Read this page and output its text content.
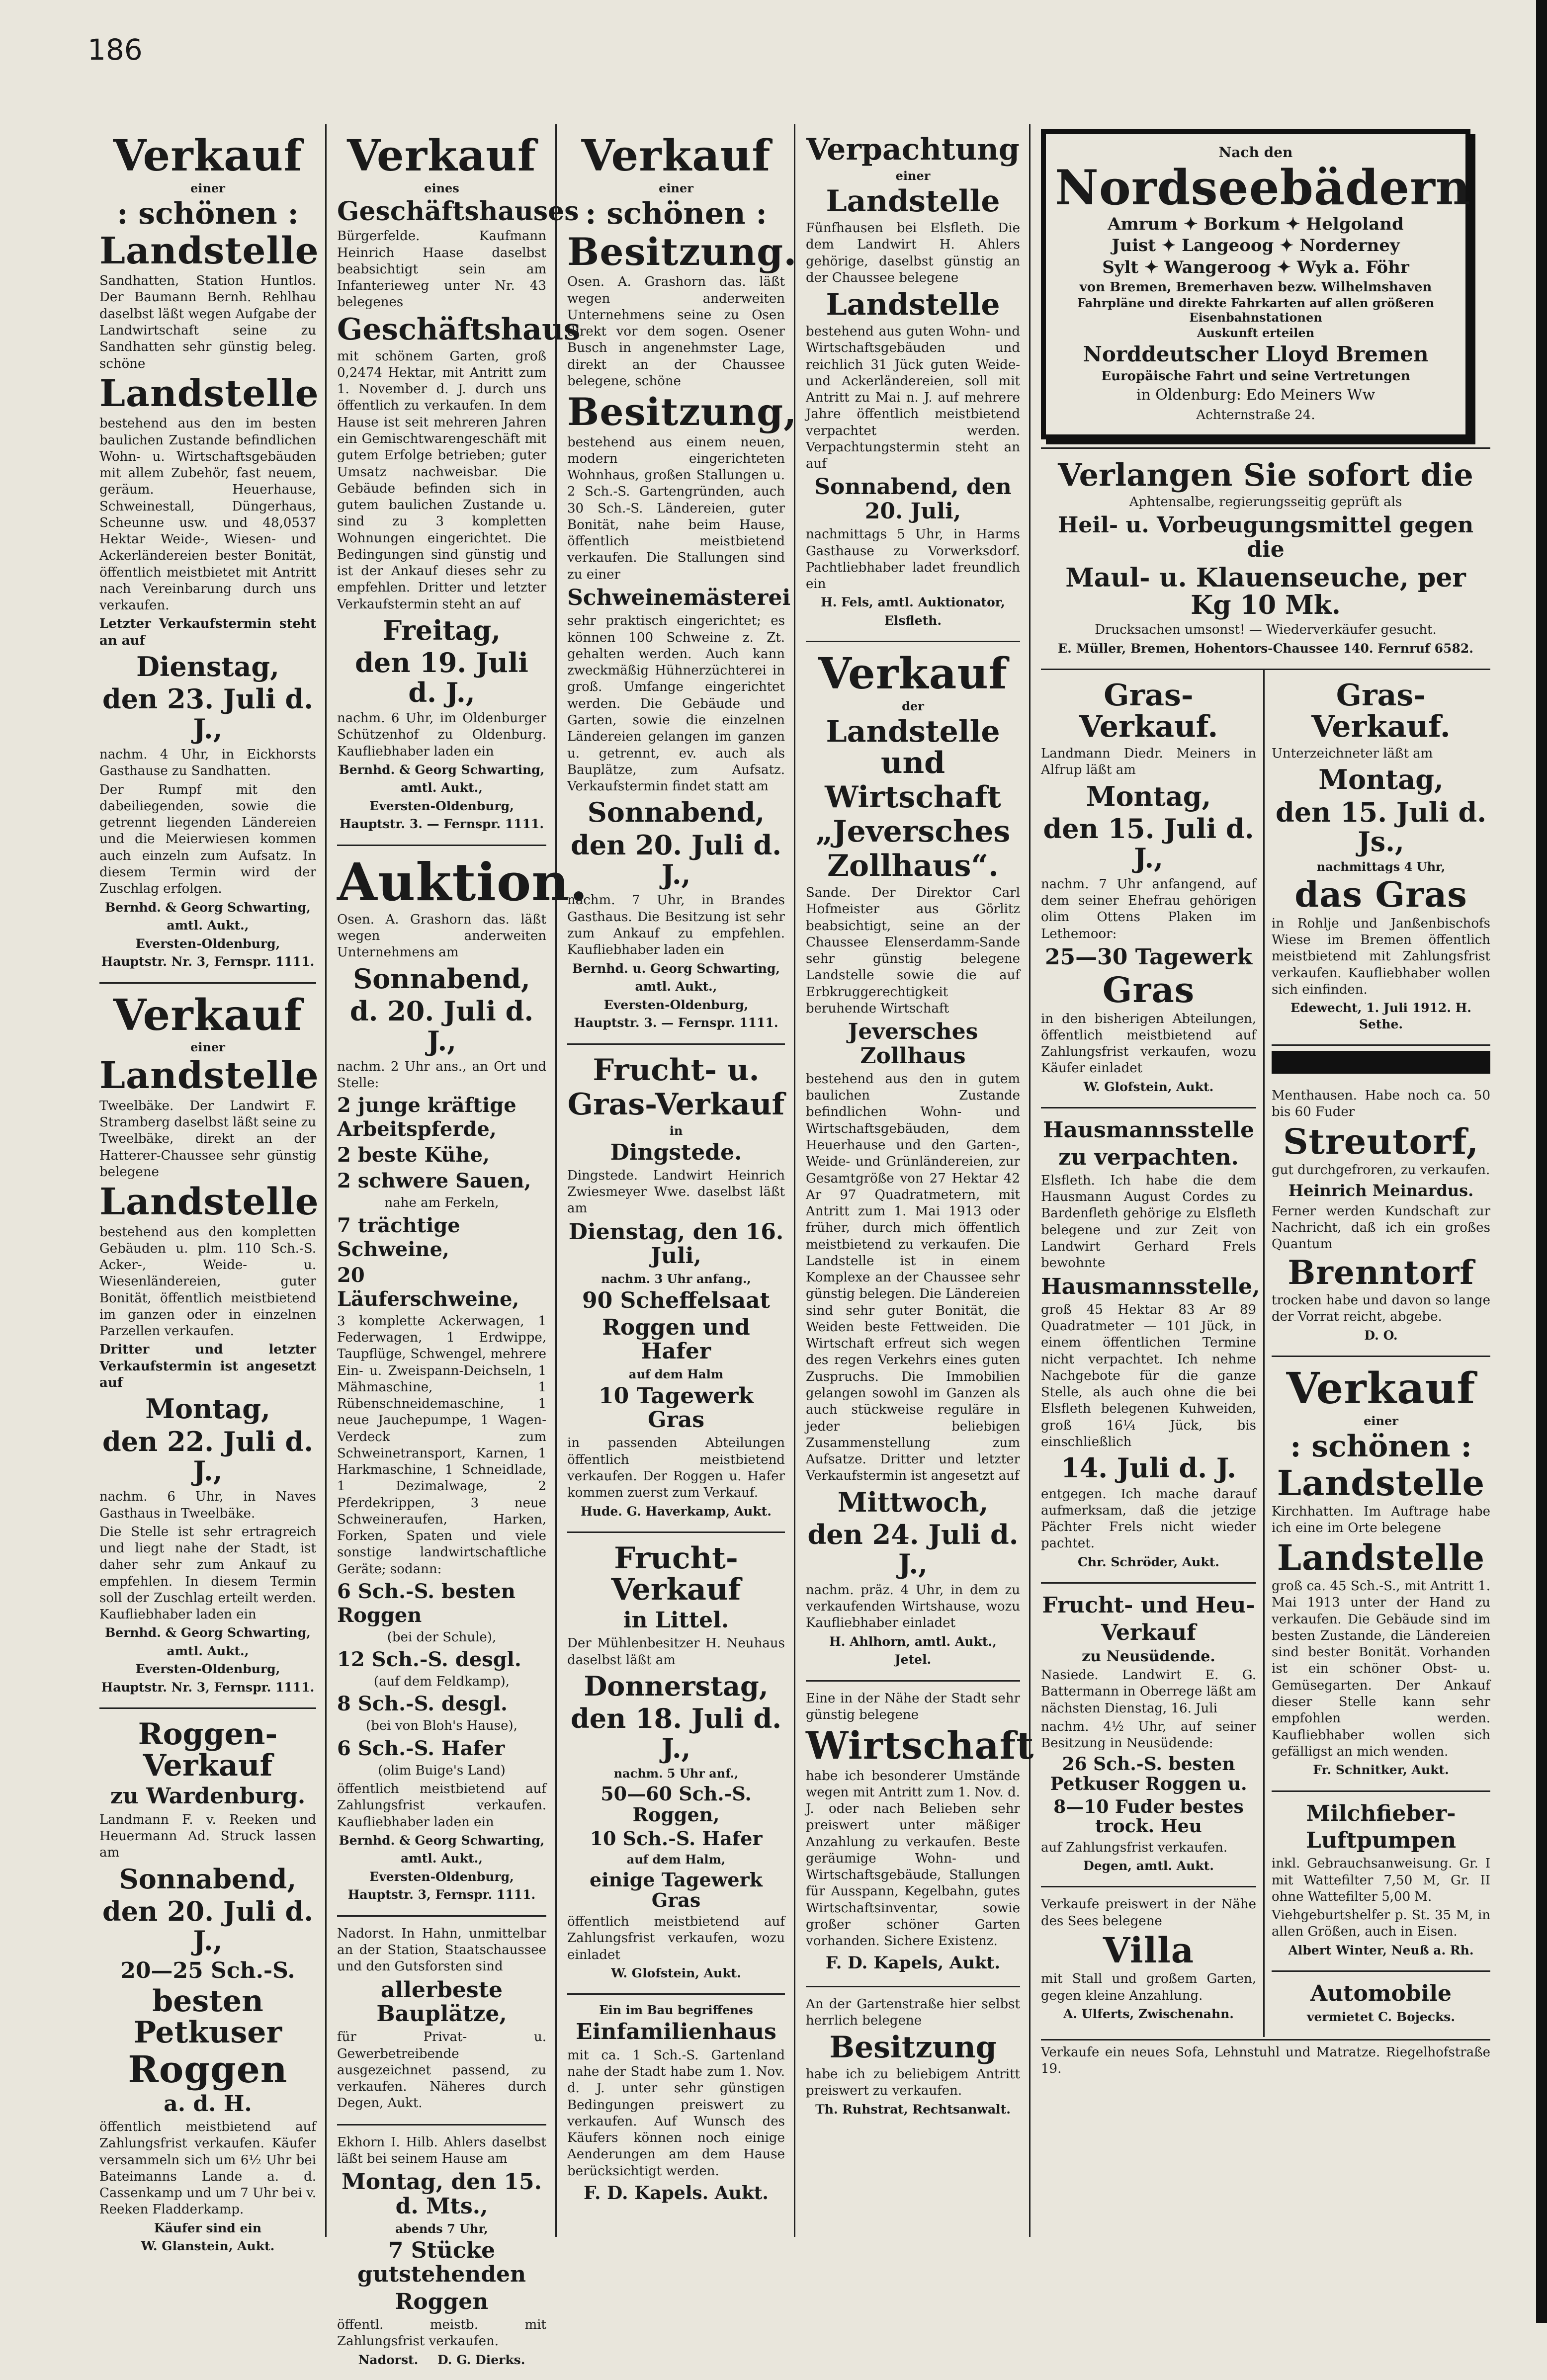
186
Verkauf
einer
: schönen :
Landstelle
Sandhatten, Station Huntlos. Der Baumann Bernh. Rehlhau daselbst läßt wegen Aufgabe der Landwirtschaft seine zu Sandhatten sehr günstig beleg. schöne
Landstelle
bestehend aus den im besten baulichen Zustande befindlichen Wohn- u. Wirtschaftsgebäuden mit allem Zubehör, fast neuem, geräum. Heuerhause, Schweinestall, Düngerhaus, Scheunne usw. und 48,0537 Hektar Weide-, Wiesen- und Ackerländereien bester Bonität, öffentlich meistbietet mit Antritt nach Vereinbarung durch uns verkaufen.
Letzter Verkaufstermin steht an auf
Dienstag,
den 23. Juli d. J.,
nachm. 4 Uhr, in Eickhorsts Gasthause zu Sandhatten.
Der Rumpf mit den dabeiliegenden, sowie die getrennt liegenden Ländereien und die Meierwiesen kommen auch einzeln zum Aufsatz. In diesem Termin wird der Zuschlag erfolgen.
Bernhd. & Georg Schwarting,
amtl. Aukt.,
Eversten-Oldenburg,
Hauptstr. Nr. 3, Fernspr. 1111.
Verkauf
einer
Landstelle
Tweelbäke. Der Landwirt F. Stramberg daselbst läßt seine zu Tweelbäke, direkt an der Hatterer-Chaussee sehr günstig belegene
Landstelle
bestehend aus den kompletten Gebäuden u. plm. 110 Sch.-S. Acker-, Weide- u. Wiesenländereien, guter Bonität, öffentlich meistbietend im ganzen oder in einzelnen Parzellen verkaufen.
Dritter und letzter Verkaufstermin ist angesetzt auf
Montag,
den 22. Juli d. J.,
nachm. 6 Uhr, in Naves Gasthaus in Tweelbäke.
Die Stelle ist sehr ertragreich und liegt nahe der Stadt, ist daher sehr zum Ankauf zu empfehlen. In diesem Termin soll der Zuschlag erteilt werden. Kaufliebhaber laden ein
Bernhd. & Georg Schwarting,
amtl. Aukt.,
Eversten-Oldenburg,
Hauptstr. Nr. 3, Fernspr. 1111.
Roggen-Verkauf
zu Wardenburg.
Landmann F. v. Reeken und Heuermann Ad. Struck lassen am
Sonnabend,
den 20. Juli d. J.,
20—25 Sch.-S.
besten Petkuser
Roggen
a. d. H.
öffentlich meistbietend auf Zahlungsfrist verkaufen. Käufer versammeln sich um 6½ Uhr bei Bateimanns Lande a. d. Cassenkamp und um 7 Uhr bei v. Reeken Fladderkamp.
Käufer sind ein
W. Glanstein, Aukt.
Verkauf
eines
Geschäftshauses
Bürgerfelde. Kaufmann Heinrich Haase daselbst beabsichtigt sein am Infanterieweg unter Nr. 43 belegenes
Geschäftshaus
mit schönem Garten, groß 0,2474 Hektar, mit Antritt zum 1. November d. J. durch uns öffentlich zu verkaufen. In dem Hause ist seit mehreren Jahren ein Gemischtwarengeschäft mit gutem Erfolge betrieben; guter Umsatz nachweisbar. Die Gebäude befinden sich in gutem baulichen Zustande u. sind zu 3 kompletten Wohnungen eingerichtet. Die Bedingungen sind günstig und ist der Ankauf dieses sehr zu empfehlen. Dritter und letzter Verkaufstermin steht an auf
Freitag,
den 19. Juli d. J.,
nachm. 6 Uhr, im Oldenburger Schützenhof zu Oldenburg. Kaufliebhaber laden ein
Bernhd. & Georg Schwarting,
amtl. Aukt.,
Eversten-Oldenburg,
Hauptstr. 3. — Fernspr. 1111.
Auktion.
Osen. A. Grashorn das. läßt wegen anderweiten Unternehmens am
Sonnabend,
d. 20. Juli d. J.,
nachm. 2 Uhr ans., an Ort und Stelle:
2 junge kräftige Arbeitspferde,
2 beste Kühe,
2 schwere Sauen,
nahe am Ferkeln,
7 trächtige Schweine,
20 Läuferschweine,
3 komplette Ackerwagen, 1 Federwagen, 1 Erdwippe, Taupflüge, Schwengel, mehrere Ein- u. Zweispann-Deichseln, 1 Mähmaschine, 1 Rübenschneidemaschine, 1 neue Jauchepumpe, 1 Wagen-Verdeck zum Schweinetransport, Karnen, 1 Harkmaschine, 1 Schneidlade, 1 Dezimalwage, 2 Pferdekrippen, 3 neue Schweineraufen, Harken, Forken, Spaten und viele sonstige landwirtschaftliche Geräte; sodann:
6 Sch.-S. besten Roggen
(bei der Schule),
12 Sch.-S. desgl.
(auf dem Feldkamp),
8 Sch.-S. desgl.
(bei von Bloh's Hause),
6 Sch.-S. Hafer
(olim Buige's Land)
öffentlich meistbietend auf Zahlungsfrist verkaufen. Kaufliebhaber laden ein
Bernhd. & Georg Schwarting,
amtl. Aukt.,
Eversten-Oldenburg,
Hauptstr. 3, Fernspr. 1111.
Nadorst. In Hahn, unmittelbar an der Station, Staatschaussee und den Gutsforsten sind
allerbeste Bauplätze,
für Privat- u. Gewerbetreibende ausgezeichnet passend, zu verkaufen. Näheres durch Degen, Aukt.
Ekhorn I. Hilb. Ahlers daselbst läßt bei seinem Hause am
Montag, den 15. d. Mts.,
abends 7 Uhr,
7 Stücke gutstehenden
Roggen
öffentl. meistb. mit Zahlungsfrist verkaufen.
Nadorst. D. G. Dierks.
Verkauf
einer
: schönen :
Besitzung.
Osen. A. Grashorn das. läßt wegen anderweiten Unternehmens seine zu Osen direkt vor dem sogen. Osener Busch in angenehmster Lage, direkt an der Chaussee belegene, schöne
Besitzung,
bestehend aus einem neuen, modern eingerichteten Wohnhaus, großen Stallungen u. 2 Sch.-S. Gartengründen, auch 30 Sch.-S. Ländereien, guter Bonität, nahe beim Hause, öffentlich meistbietend verkaufen. Die Stallungen sind zu einer
Schweinemästerei
sehr praktisch eingerichtet; es können 100 Schweine z. Zt. gehalten werden. Auch kann zweckmäßig Hühnerzüchterei in groß. Umfange eingerichtet werden. Die Gebäude und Garten, sowie die einzelnen Ländereien gelangen im ganzen u. getrennt, ev. auch als Bauplätze, zum Aufsatz. Verkaufstermin findet statt am
Sonnabend,
den 20. Juli d. J.,
nachm. 7 Uhr, in Brandes Gasthaus. Die Besitzung ist sehr zum Ankauf zu empfehlen. Kaufliebhaber laden ein
Bernhd. u. Georg Schwarting,
amtl. Aukt.,
Eversten-Oldenburg,
Hauptstr. 3. — Fernspr. 1111.
Frucht- u.
Gras-Verkauf
in
Dingstede.
Dingstede. Landwirt Heinrich Zwiesmeyer Wwe. daselbst läßt am
Dienstag, den 16. Juli,
nachm. 3 Uhr anfang.,
90 Scheffelsaat
Roggen und Hafer
auf dem Halm
10 Tagewerk Gras
in passenden Abteilungen öffentlich meistbietend verkaufen. Der Roggen u. Hafer kommen zuerst zum Verkauf.
Hude. G. Haverkamp, Aukt.
Frucht-Verkauf
in Littel.
Der Mühlenbesitzer H. Neuhaus daselbst läßt am
Donnerstag,
den 18. Juli d. J.,
nachm. 5 Uhr anf.,
50—60 Sch.-S. Roggen,
10 Sch.-S. Hafer
auf dem Halm,
einige Tagewerk Gras
öffentlich meistbietend auf Zahlungsfrist verkaufen, wozu einladet
W. Glofstein, Aukt.
Ein im Bau begriffenes
Einfamilienhaus
mit ca. 1 Sch.-S. Gartenland nahe der Stadt habe zum 1. Nov. d. J. unter sehr günstigen Bedingungen preiswert zu verkaufen. Auf Wunsch des Käufers können noch einige Aenderungen am dem Hause berücksichtigt werden.
F. D. Kapels. Aukt.
Verpachtung
einer
Landstelle
Fünfhausen bei Elsfleth. Die dem Landwirt H. Ahlers gehörige, daselbst günstig an der Chaussee belegene
Landstelle
bestehend aus guten Wohn- und Wirtschaftsgebäuden und reichlich 31 Jück guten Weide- und Ackerländereien, soll mit Antritt zu Mai n. J. auf mehrere Jahre öffentlich meistbietend verpachtet werden. Verpachtungstermin steht an auf
Sonnabend, den 20. Juli,
nachmittags 5 Uhr, in Harms Gasthause zu Vorwerksdorf. Pachtliebhaber ladet freundlich ein
H. Fels, amtl. Auktionator,
Elsfleth.
Verkauf
der
Landstelle und
Wirtschaft
„Jeversches
Zollhaus“.
Sande. Der Direktor Carl Hofmeister aus Görlitz beabsichtigt, seine an der Chaussee Elenserdamm-Sande sehr günstig belegene Landstelle sowie die auf Erbkruggerechtigkeit beruhende Wirtschaft
Jeversches Zollhaus
bestehend aus den in gutem baulichen Zustande befindlichen Wohn- und Wirtschaftsgebäuden, dem Heuerhause und den Garten-, Weide- und Grünländereien, zur Gesamtgröße von 27 Hektar 42 Ar 97 Quadratmetern, mit Antritt zum 1. Mai 1913 oder früher, durch mich öffentlich meistbietend zu verkaufen. Die Landstelle ist in einem Komplexe an der Chaussee sehr günstig belegen. Die Ländereien sind sehr guter Bonität, die Weiden beste Fettweiden. Die Wirtschaft erfreut sich wegen des regen Verkehrs eines guten Zuspruchs. Die Immobilien gelangen sowohl im Ganzen als auch stückweise reguläre in jeder beliebigen Zusammenstellung zum Aufsatze. Dritter und letzter Verkaufstermin ist angesetzt auf
Mittwoch,
den 24. Juli d. J.,
nachm. präz. 4 Uhr, in dem zu verkaufenden Wirtshause, wozu Kaufliebhaber einladet
H. Ahlhorn, amtl. Aukt.,
Jetel.
Eine in der Nähe der Stadt sehr günstig belegene
Wirtschaft
habe ich besonderer Umstände wegen mit Antritt zum 1. Nov. d. J. oder nach Belieben sehr preiswert unter mäßiger Anzahlung zu verkaufen. Beste geräumige Wohn- und Wirtschaftsgebäude, Stallungen für Ausspann, Kegelbahn, gutes Wirtschaftsinventar, sowie großer schöner Garten vorhanden. Sichere Existenz.
F. D. Kapels, Aukt.
An der Gartenstraße hier selbst herrlich belegene
Besitzung
habe ich zu beliebigem Antritt preiswert zu verkaufen.
Th. Ruhstrat, Rechtsanwalt.
Nach den
Nordseebädern
Amrum ✦ Borkum ✦ Helgoland
Juist ✦ Langeoog ✦ Norderney
Sylt ✦ Wangeroog ✦ Wyk a. Föhr
von Bremen, Bremerhaven bezw. Wilhelmshaven
Fahrpläne und direkte Fahrkarten auf allen größeren Eisenbahnstationen
Auskunft erteilen
Norddeutscher Lloyd Bremen
Europäische Fahrt und seine Vertretungen
in Oldenburg: Edo Meiners Ww
Achternstraße 24.
Verlangen Sie sofort die
Aphtensalbe, regierungsseitig geprüft als
Heil- u. Vorbeugungsmittel gegen die
Maul- u. Klauenseuche, per Kg 10 Mk.
Drucksachen umsonst! — Wiederverkäufer gesucht.
E. Müller, Bremen, Hohentors-Chaussee 140. Fernruf 6582.
Gras-Verkauf.
Landmann Diedr. Meiners in Alfrup läßt am
Montag,
den 15. Juli d. J.,
nachm. 7 Uhr anfangend, auf dem seiner Ehefrau gehörigen olim Ottens Plaken im Lethemoor:
25—30 Tagewerk
Gras
in den bisherigen Abteilungen, öffentlich meistbietend auf Zahlungsfrist verkaufen, wozu Käufer einladet
W. Glofstein, Aukt.
Hausmannsstelle
zu verpachten.
Elsfleth. Ich habe die dem Hausmann August Cordes zu Bardenfleth gehörige zu Elsfleth belegene und zur Zeit von Landwirt Gerhard Frels bewohnte
Hausmannsstelle,
groß 45 Hektar 83 Ar 89 Quadratmeter — 101 Jück, in einem öffentlichen Termine nicht verpachtet. Ich nehme Nachgebote für die ganze Stelle, als auch ohne die bei Elsfleth belegenen Kuhweiden, groß 16¼ Jück, bis einschließlich
14. Juli d. J.
entgegen. Ich mache darauf aufmerksam, daß die jetzige Pächter Frels nicht wieder pachtet.
Chr. Schröder, Aukt.
Frucht- und Heu-
Verkauf
zu Neusüdende.
Nasiede. Landwirt E. G. Battermann in Oberrege läßt am nächsten Dienstag, 16. Juli
nachm. 4½ Uhr, auf seiner Besitzung in Neusüdende:
26 Sch.-S. besten Petkuser Roggen u.
8—10 Fuder bestes trock. Heu
auf Zahlungsfrist verkaufen.
Degen, amtl. Aukt.
Verkaufe preiswert in der Nähe des Sees belegene
Villa
mit Stall und großem Garten, gegen kleine Anzahlung.
A. Ulferts, Zwischenahn.
Gras-Verkauf.
Unterzeichneter läßt am
Montag,
den 15. Juli d. Js.,
nachmittags 4 Uhr,
das Gras
in Rohlje und Janßenbischofs Wiese im Bremen öffentlich meistbietend mit Zahlungsfrist verkaufen. Kaufliebhaber wollen sich einfinden.
Edewecht, 1. Juli 1912. H. Sethe.
Menthausen. Habe noch ca. 50 bis 60 Fuder
Streutorf,
gut durchgefroren, zu verkaufen.
Heinrich Meinardus.
Ferner werden Kundschaft zur Nachricht, daß ich ein großes Quantum
Brenntorf
trocken habe und davon so lange der Vorrat reicht, abgebe.
D. O.
Verkauf
einer
: schönen :
Landstelle
Kirchhatten. Im Auftrage habe ich eine im Orte belegene
Landstelle
groß ca. 45 Sch.-S., mit Antritt 1. Mai 1913 unter der Hand zu verkaufen. Die Gebäude sind im besten Zustande, die Ländereien sind bester Bonität. Vorhanden ist ein schöner Obst- u. Gemüsegarten. Der Ankauf dieser Stelle kann sehr empfohlen werden. Kaufliebhaber wollen sich gefälligst an mich wenden.
Fr. Schnitker, Aukt.
Milchfieber-
Luftpumpen
inkl. Gebrauchsanweisung. Gr. I mit Wattefilter 7,50 M, Gr. II ohne Wattefilter 5,00 M.
Viehgeburtshelfer p. St. 35 M, in allen Größen, auch in Eisen.
Albert Winter, Neuß a. Rh.
Automobile
vermietet C. Bojecks.
Verkaufe ein neues Sofa, Lehnstuhl und Matratze. Riegelhofstraße 19.
